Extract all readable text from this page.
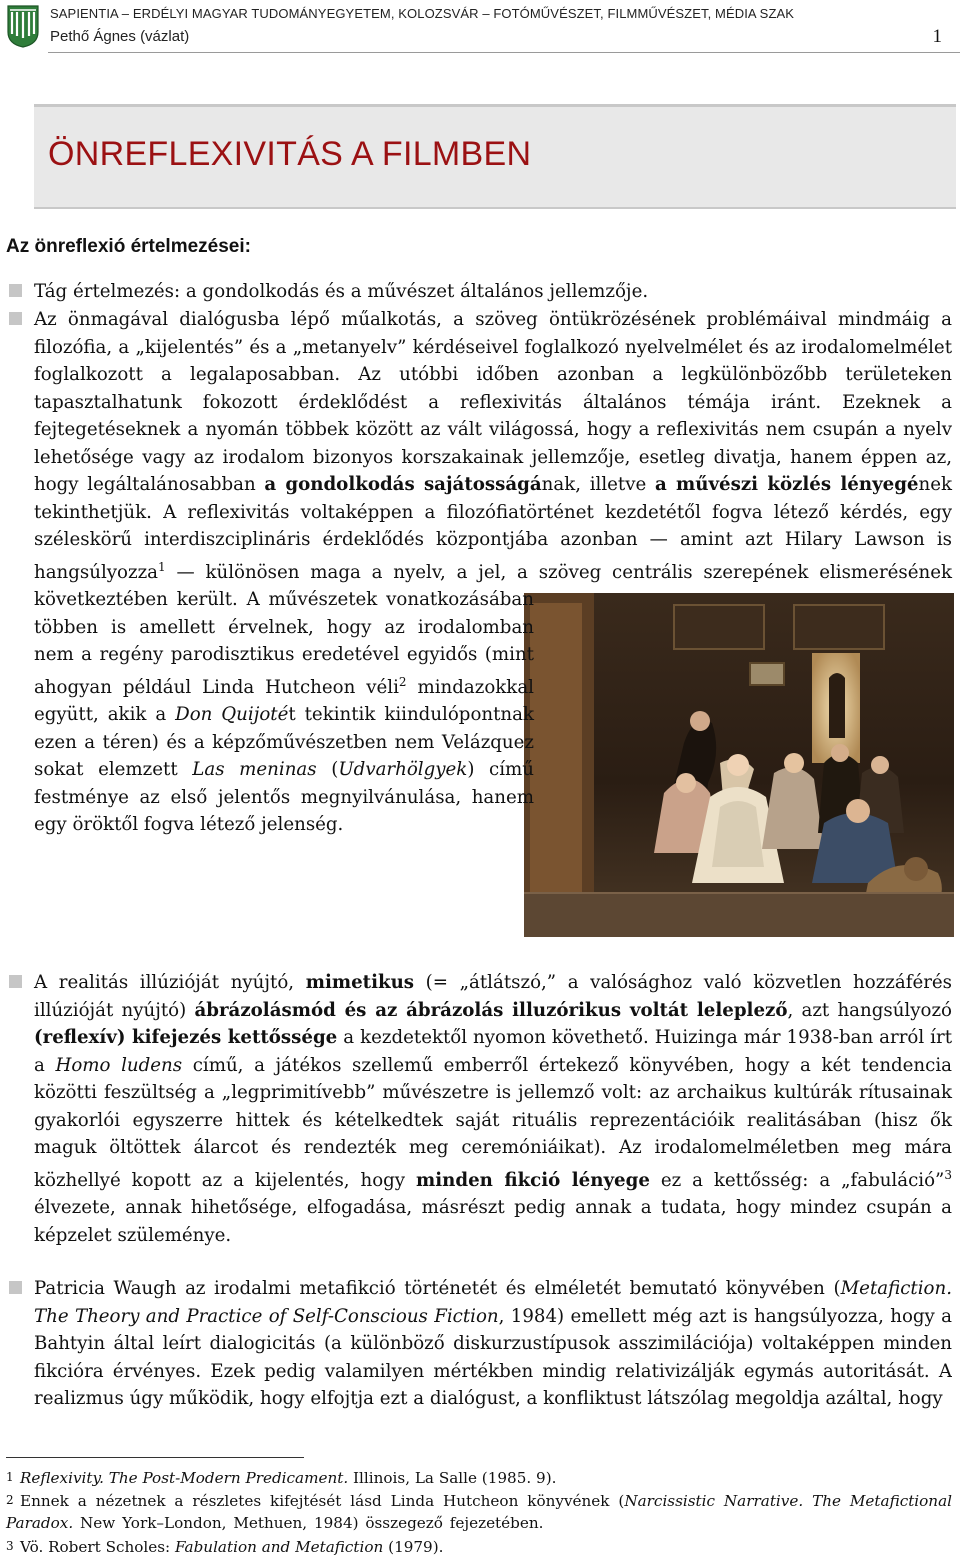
SAPIENTIA – ERDÉLYI MAGYAR TUDOMÁNYEGYETEM, KOLOZSVÁR – FOTÓMŰVÉSZET, FILMMŰVÉSZET, MÉDIA SZAK
Pethő Ágnes (vázlat)	1
ÖNREFLEXIVITÁS A FILMBEN
Az önreflexió értelmezései:
Tág értelmezés: a gondolkodás és a művészet általános jellemzője.
Az önmagával dialógusba lépő műalkotás, a szöveg öntükrözésének problémáival mindmáig a filozófia, a „kijelentés” és a „metanyelv” kérdéseivel foglalkozó nyelvelmélet és az irodalomelmélet foglalkozott a legalaposabban. Az utóbbi időben azonban a legkülönbözőbb területeken tapasztalhatunk fokozott érdeklődést a reflexivitás általános témája iránt. Ezeknek a fejtegetéseknek a nyomán többek között az vált világossá, hogy a reflexivitás nem csupán a nyelv lehetősége vagy az irodalom bizonyos korszakainak jellemzője, esetleg divatja, hanem éppen az, hogy legáltalánosabban a gondolkodás sajátosságának, illetve a művészi közlés lényegének tekinthetjük. A reflexivitás voltaképpen a filozófiatörténet kezdetétől fogva létező kérdés, egy széleskörű interdiszciplináris érdeklődés központjába azonban — amint azt Hilary Lawson is hangsúlyozza$^1$ — különösen maga a nyelv, a jel, a szöveg centrális szerepének elismerésének következtében került. A művészetek vonatkozásában többen is amellett érvelnek, hogy az irodalomban nem a regény parodisztikus eredetével egyidős (mint ahogyan például Linda Hutcheon véli$^2$ mindazokkal együtt, akik a Don Quijotét tekintik kiindulópontnak ezen a téren) és a képzőművészetben nem Velázquez sokat elemzett Las meninas (Udvarhölgyek) című festménye az első jelentős megnyilvánulása, hanem egy öröktől fogva létező jelenség.
A realitás illúzióját nyújtó, mimetikus (= „átlátszó,” a valósághoz való közvetlen hozzáférés illúzióját nyújtó) ábrázolásmód és az ábrázolás illuzórikus voltát leleplező, azt hangsúlyozó (reflexív) kifejezés kettőssége a kezdetektől nyomon követhető. Huizinga már 1938-ban arról írt a Homo ludens című, a játékos szellemű emberről értekező könyvében, hogy a két tendencia közötti feszültség a „legprimitívebb” művészetre is jellemző volt: az archaikus kultúrák rítusainak gyakorlói egyszerre hittek és kételkedtek saját rituális reprezentációik realitásában (hisz ők maguk öltöttek álarcot és rendezték meg ceremóniáikat). Az irodalomelméletben meg mára közhellyé kopott az a kijelentés, hogy minden fikció lényege ez a kettősség: a „fabuláció”$^3$ élvezete, annak hihetősége, elfogadása, másrészt pedig annak a tudata, hogy mindez csupán a képzelet szüleménye.
Patricia Waugh az irodalmi metafikció történetét és elméletét bemutató könyvében (Metafiction. The Theory and Practice of Self-Conscious Fiction, 1984) emellett még azt is hangsúlyozza, hogy a Bahtyin által leírt dialogicitás (a különböző diskurzustípusok asszimilációja) voltaképpen minden fikcióra érvényes. Ezek pedig valamilyen mértékben mindig relativizálják egymás autoritását. A realizmus úgy működik, hogy elfojtja ezt a dialógust, a konfliktust látszólag megoldja azáltal, hogy
1 Reflexivity. The Post-Modern Predicament. Illinois, La Salle (1985. 9).
2 Ennek a nézetnek a részletes kifejtését lásd Linda Hutcheon könyvének (Narcissistic Narrative. The Metafictional Paradox. New York–London, Methuen, 1984) összegező fejezetében.
3 Vö. Robert Scholes: Fabulation and Metafiction (1979).
